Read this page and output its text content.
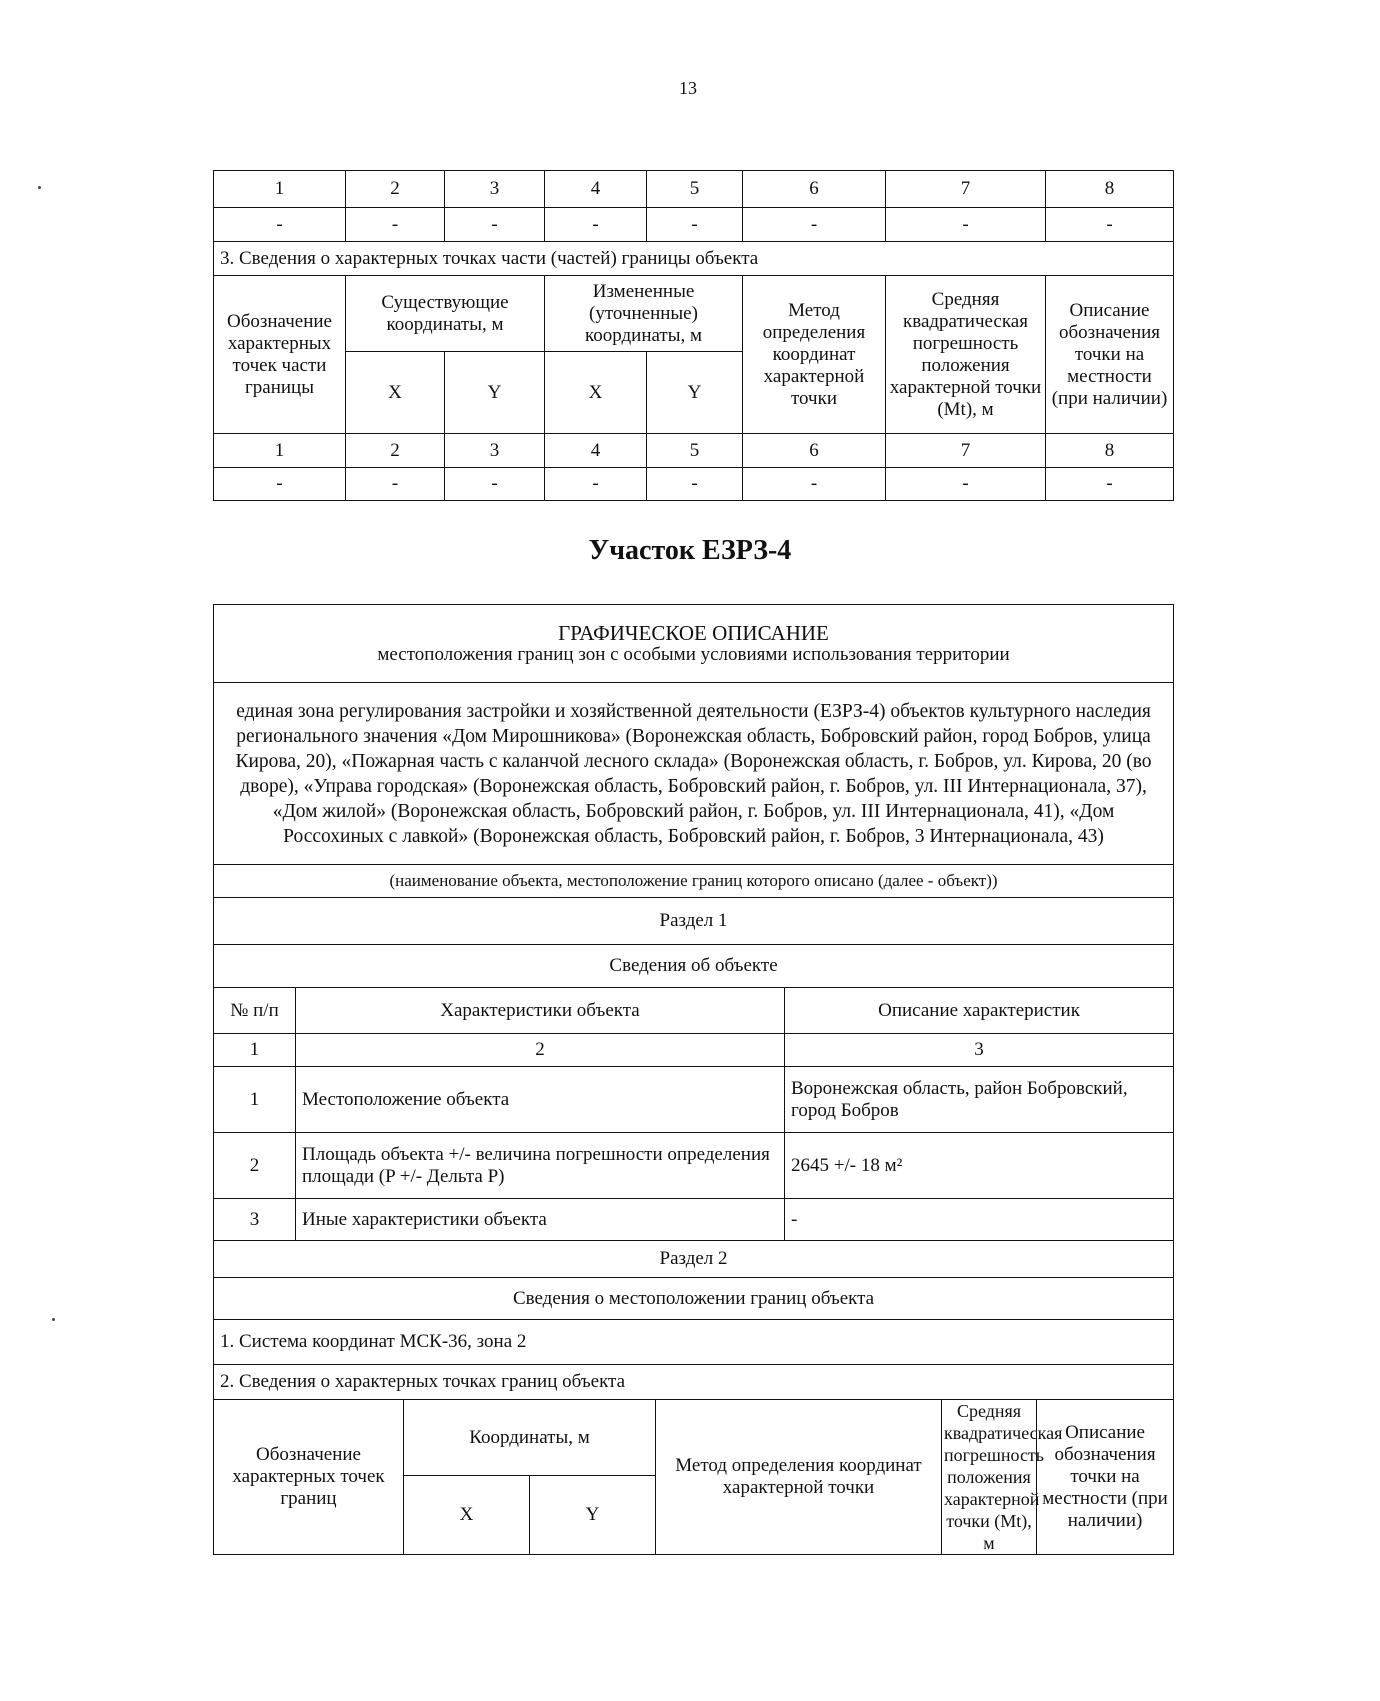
13
1	2	3	4	5	6	7	8
-	-	-	-	-	-	-	-
3. Сведения о характерных точках части (частей) границы объекта							
Обозначение характерных точек части границы	Существующие координаты, м		Измененные (уточненные) координаты, м		Метод определения координат характерной точки	Средняя квадратическая погрешность положения характерной точки (Mt), м	Описание обозначения точки на местности (при наличии)
	X	Y	X	Y			
1	2	3	4	5	6	7	8
-	-	-	-	-	-	-	-
Участок ЕЗРЗ-4
ГРАФИЧЕСКОЕ ОПИСАНИЕ
местоположения границ зон с особыми условиями использования территории							

единая зона регулирования застройки и хозяйственной деятельности (ЕЗРЗ-4) объектов культурного наследия регионального значения «Дом Мирошникова» (Воронежская область, Бобровский район, город Бобров, улица Кирова, 20), «Пожарная часть с каланчой лесного склада» (Воронежская область, г. Бобров, ул. Кирова, 20 (во дворе), «Управа городская» (Воронежская область, Бобровский район, г. Бобров, ул. III Интернационала, 37), «Дом жилой» (Воронежская область, Бобровский район, г. Бобров, ул. III Интернационала, 41), «Дом Россохиных с лавкой» (Воронежская область, Бобровский район, г. Бобров, 3 Интернационала, 43)							
(наименование объекта, местоположение границ которого описано (далее - объект))							
Раздел 1							
Сведения об объекте							
№ п/п	Характеристики объекта				Описание характеристик		
1	2				3		
1	Местоположение объекта				Воронежская область, район Бобровский, город Бобров		
2	Площадь объекта +/- величина погрешности определения площади (P +/- Дельта P)				2645 +/- 18 м²		
3	Иные характеристики объекта				-		
Раздел 2							
Сведения о местоположении границ объекта							
1. Система координат МСК-36, зона 2							
2. Сведения о характерных точках границ объекта							
Обозначение характерных точек границ		Координаты, м		Метод определения координат характерной точки		Средняя квадратическая погрешность положения характерной точки (Mt), м	Описание обозначения точки на местности (при наличии)
		X	Y				
